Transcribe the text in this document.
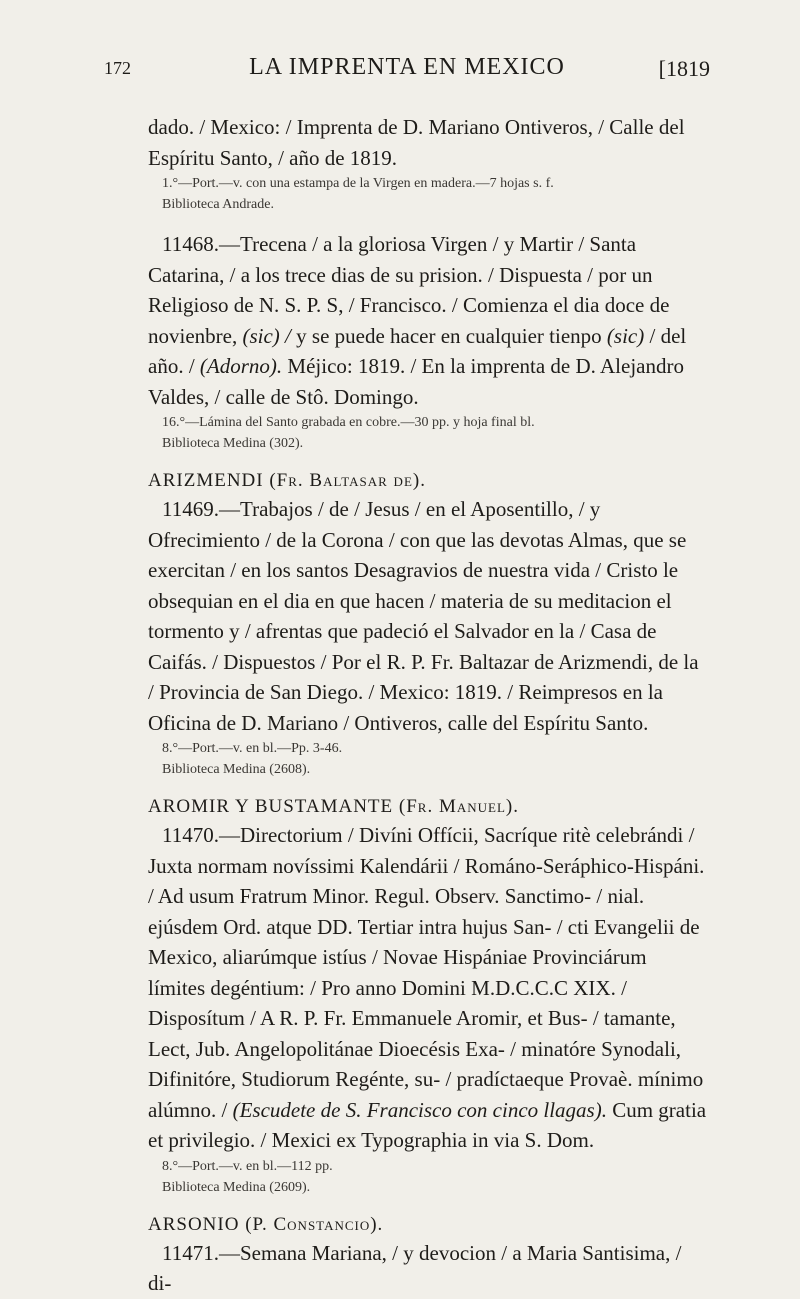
172	LA IMPRENTA EN MEXICO	[1819

dado. / Mexico: / Imprenta de D. Mariano Ontiveros, / Calle del Espíritu Santo, / año de 1819.

1.°—Port.—v. con una estampa de la Virgen en madera.—7 hojas s. f.

Biblioteca Andrade.

11468.—Trecena / a la gloriosa Virgen / y Martir / Santa Catarina, / a los trece dias de su prision. / Dispuesta / por un Religioso de N. S. P. S, / Francisco. / Comienza el dia doce de novienbre, (sic) / y se puede hacer en cualquier tienpo (sic) / del año. / (Adorno). Méjico: 1819. / En la imprenta de D. Alejandro Valdes, / calle de Stô. Domingo.

16.°—Lámina del Santo grabada en cobre.—30 pp. y hoja final bl.

Biblioteca Medina (302).

ARIZMENDI (Fr. Baltasar de).

11469.—Trabajos / de / Jesus / en el Aposentillo, / y Ofrecimiento / de la Corona / con que las devotas Almas, que se exercitan / en los santos Desagravios de nuestra vida / Cristo le obsequian en el dia en que hacen / materia de su meditacion el tormento y / afrentas que padeció el Salvador en la / Casa de Caifás. / Dispuestos / Por el R. P. Fr. Baltazar de Arizmendi, de la / Provincia de San Diego. / Mexico: 1819. / Reimpresos en la Oficina de D. Mariano / Ontiveros, calle del Espíritu Santo.

8.°—Port.—v. en bl.—Pp. 3-46.

Biblioteca Medina (2608).

AROMIR Y BUSTAMANTE (Fr. Manuel).

11470.—Directorium / Divíni Offícii, Sacríque ritè celebrándi / Juxta normam novíssimi Kalendárii / Románo-Seráphico-Hispáni. / Ad usum Fratrum Minor. Regul. Observ. Sanctimo- / nial. ejúsdem Ord. atque DD. Tertiar intra hujus San- / cti Evangelii de Mexico, aliarúmque istíus / Novae Hispániae Provinciárum límites degéntium: / Pro anno Domini M.D.C.C.C XIX. / Disposítum / A R. P. Fr. Emmanuele Aromir, et Bus- / tamante, Lect, Jub. Angelopolitánae Dioecésis Exa- / minatóre Synodali, Difinitóre, Studiorum Regénte, su- / pradíctaeque Provaè. mínimo alúmno. / (Escudete de S. Francisco con cinco llagas). Cum gratia et privilegio. / Mexici ex Typographia in via S. Dom.

8.°—Port.—v. en bl.—112 pp.

Biblioteca Medina (2609).

ARSONIO (P. Constancio).

11471.—Semana Mariana, / y devocion / a Maria Santisima, / di-
